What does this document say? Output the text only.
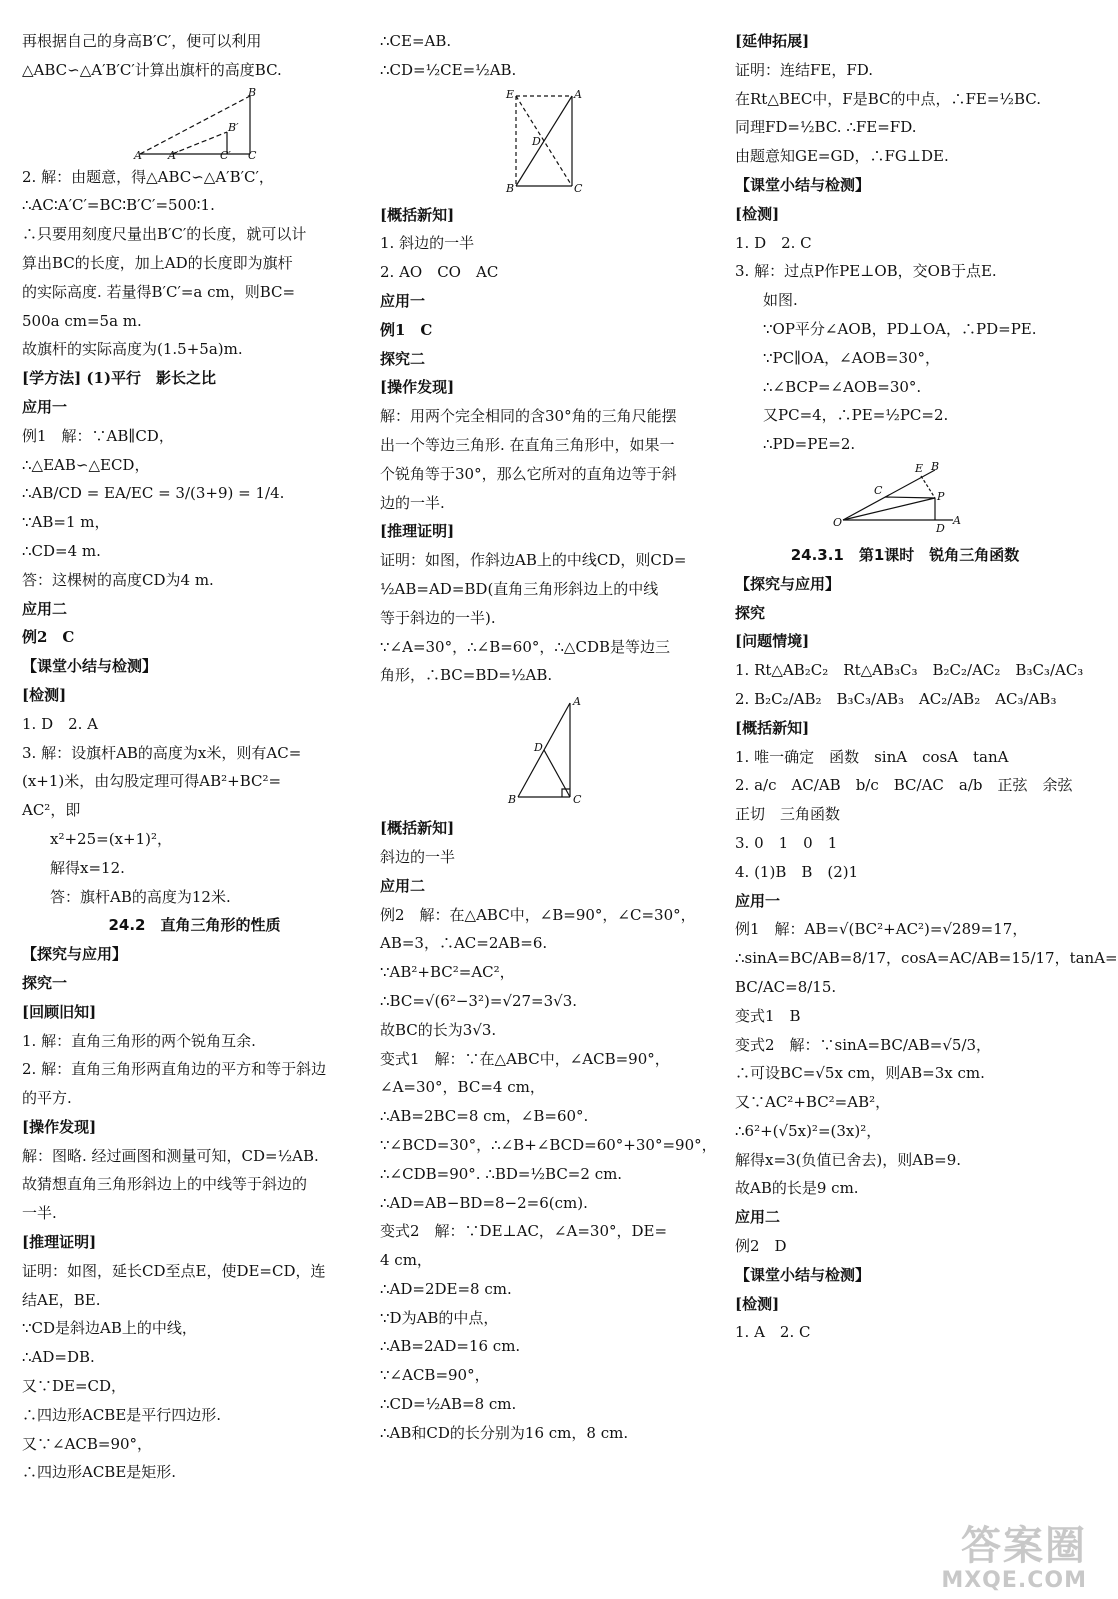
再根据自己的身高B′C′，便可以利用
△ABC∽△A′B′C′计算出旗杆的高度BC.
A A′	C′ C
B′
B
2. 解：由题意，得△ABC∽△A′B′C′，
∴AC∶A′C′=BC∶B′C′=500∶1.
∴只要用刻度尺量出B′C′的长度，就可以计
算出BC的长度，加上AD的长度即为旗杆
的实际高度. 若量得B′C′=a cm，则BC=
500a cm=5a m.
故旗杆的实际高度为(1.5+5a)m.
[学方法] (1)平行　影长之比
应用一
例1　解：∵AB∥CD，
∴△EAB∽△ECD，
∴AB/CD = EA/EC = 3/(3+9) = 1/4.
∵AB=1 m，
∴CD=4 m.
答：这棵树的高度CD为4 m.
应用二
例2　C
【课堂小结与检测】
[检测]
1. D　2. A
3. 解：设旗杆AB的高度为x米，则有AC=
(x+1)米，由勾股定理可得AB²+BC²=
AC²，即
x²+25=(x+1)²，
解得x=12.
答：旗杆AB的高度为12米.
24.2　直角三角形的性质
【探究与应用】
探究一
[回顾旧知]
1. 解：直角三角形的两个锐角互余.
2. 解：直角三角形两直角边的平方和等于斜边
的平方.
[操作发现]
解：图略. 经过画图和测量可知，CD=½AB.
故猜想直角三角形斜边上的中线等于斜边的
一半.
[推理证明]
证明：如图，延长CD至点E，使DE=CD，连
结AE，BE.
∵CD是斜边AB上的中线，
∴AD=DB.
又∵DE=CD，
∴四边形ACBE是平行四边形.
又∵∠ACB=90°，
∴四边形ACBE是矩形.
∴CE=AB.
∴CD=½CE=½AB.
E	A
B	C
D
[概括新知]
1. 斜边的一半
2. AO　CO　AC
应用一
例1　C
探究二
[操作发现]
解：用两个完全相同的含30°角的三角尺能摆
出一个等边三角形. 在直角三角形中，如果一
个锐角等于30°，那么它所对的直角边等于斜
边的一半.
[推理证明]
证明：如图，作斜边AB上的中线CD，则CD=
½AB=AD=BD(直角三角形斜边上的中线
等于斜边的一半).
∵∠A=30°，∴∠B=60°，∴△CDB是等边三
角形，∴BC=BD=½AB.
B	C
A
D
[概括新知]
斜边的一半
应用二
例2　解：在△ABC中，∠B=90°，∠C=30°，
AB=3，∴AC=2AB=6.
∵AB²+BC²=AC²，
∴BC=√(6²−3²)=√27=3√3.
故BC的长为3√3.
变式1　解：∵在△ABC中，∠ACB=90°，
∠A=30°，BC=4 cm，
∴AB=2BC=8 cm，∠B=60°.
∵∠BCD=30°，∴∠B+∠BCD=60°+30°=90°，
∴∠CDB=90°. ∴BD=½BC=2 cm.
∴AD=AB−BD=8−2=6(cm).
变式2　解：∵DE⊥AC，∠A=30°，DE=
4 cm，
∴AD=2DE=8 cm.
∵D为AB的中点，
∴AB=2AD=16 cm.
∵∠ACB=90°，
∴CD=½AB=8 cm.
∴AB和CD的长分别为16 cm，8 cm.
[延伸拓展]
证明：连结FE，FD.
在Rt△BEC中，F是BC的中点，∴FE=½BC.
同理FD=½BC. ∴FE=FD.
由题意知GE=GD，∴FG⊥DE.
【课堂小结与检测】
[检测]
1. D　2. C
3. 解：过点P作PE⊥OB，交OB于点E.
如图.
∵OP平分∠AOB，PD⊥OA，∴PD=PE.
∵PC∥OA，∠AOB=30°，
∴∠BCP=∠AOB=30°.
又PC=4，∴PE=½PC=2.
∴PD=PE=2.
O	A
D
P
C
E B
24.3.1　第1课时　锐角三角函数
【探究与应用】
探究
[问题情境]
1. Rt△AB₂C₂　Rt△AB₃C₃　B₂C₂/AC₂　B₃C₃/AC₃
2. B₂C₂/AB₂　B₃C₃/AB₃　AC₂/AB₂　AC₃/AB₃
[概括新知]
1. 唯一确定　函数　sinA　cosA　tanA
2. a/c　AC/AB　b/c　BC/AC　a/b　正弦　余弦
正切　三角函数
3. 0　1　0　1
4. (1)B　B　(2)1
应用一
例1　解：AB=√(BC²+AC²)=√289=17，
∴sinA=BC/AB=8/17，cosA=AC/AB=15/17，tanA=
BC/AC=8/15.
变式1　B
变式2　解：∵sinA=BC/AB=√5/3，
∴可设BC=√5x cm，则AB=3x cm.
又∵AC²+BC²=AB²，
∴6²+(√5x)²=(3x)²，
解得x=3(负值已舍去)，则AB=9.
故AB的长是9 cm.
应用二
例2　D
【课堂小结与检测】
[检测]
1. A　2. C
答案圈
MXQE.COM
